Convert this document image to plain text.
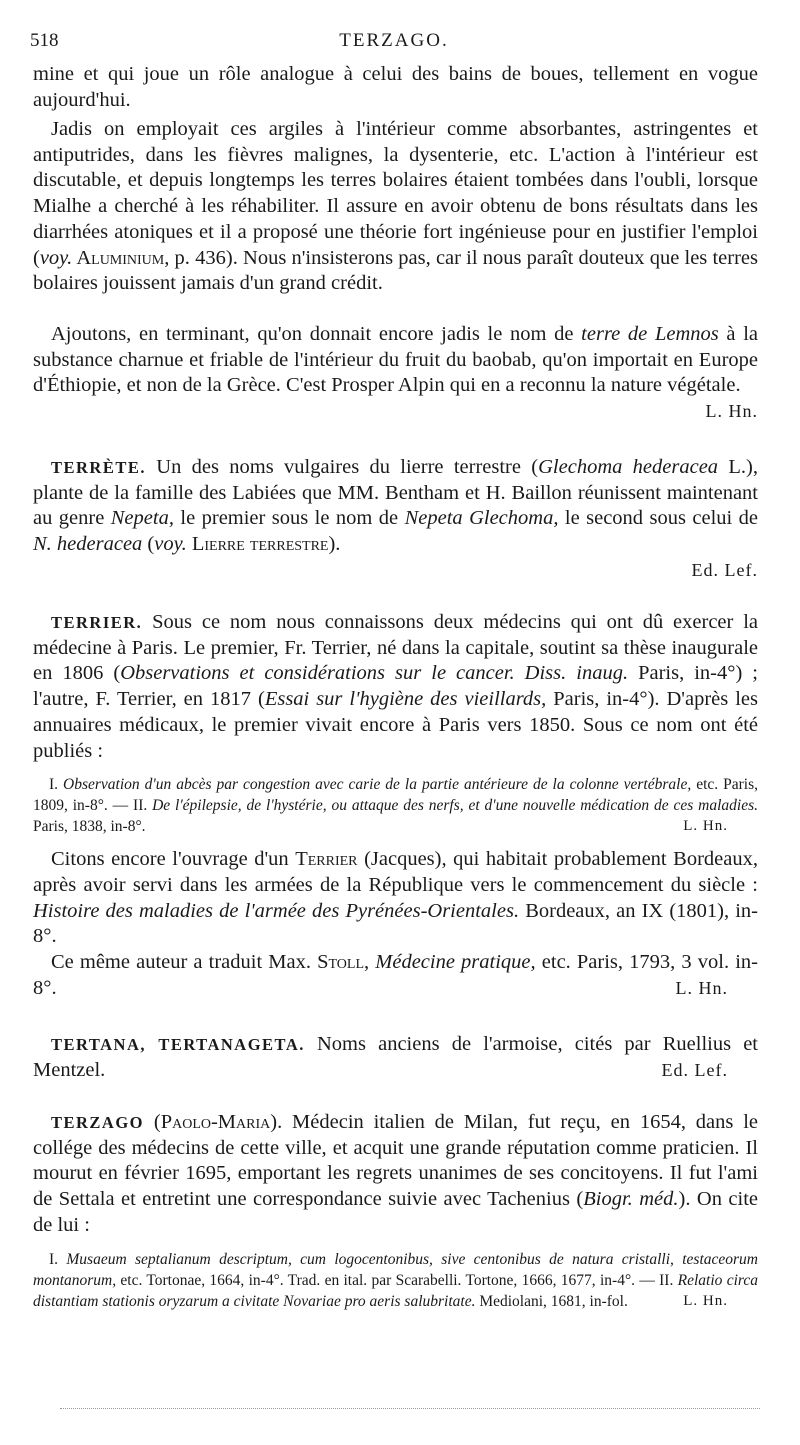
518	TERZAGO.

mine et qui joue un rôle analogue à celui des bains de boues, tellement en vogue aujourd'hui.

Jadis on employait ces argiles à l'intérieur comme absorbantes, astringentes et antiputrides, dans les fièvres malignes, la dysenterie, etc. L'action à l'intérieur est discutable, et depuis longtemps les terres bolaires étaient tombées dans l'oubli, lorsque Mialhe a cherché à les réhabiliter. Il assure en avoir obtenu de bons résultats dans les diarrhées atoniques et il a proposé une théorie fort ingénieuse pour en justifier l'emploi (voy. Aluminium, p. 436). Nous n'insisterons pas, car il nous paraît douteux que les terres bolaires jouissent jamais d'un grand crédit.

Ajoutons, en terminant, qu'on donnait encore jadis le nom de terre de Lemnos à la substance charnue et friable de l'intérieur du fruit du baobab, qu'on importait en Europe d'Éthiopie, et non de la Grèce. C'est Prosper Alpin qui en a reconnu la nature végétale.
L. Hn.

TERRÈTE. Un des noms vulgaires du lierre terrestre (Glechoma hederacea L.), plante de la famille des Labiées que MM. Bentham et H. Baillon réunissent maintenant au genre Nepeta, le premier sous le nom de Nepeta Glechoma, le second sous celui de N. hederacea (voy. Lierre terrestre).

Ed. Lef.

TERRIER. Sous ce nom nous connaissons deux médecins qui ont dû exercer la médecine à Paris. Le premier, Fr. Terrier, né dans la capitale, soutint sa thèse inaugurale en 1806 (Observations et considérations sur le cancer. Diss. inaug. Paris, in-4°) ; l'autre, F. Terrier, en 1817 (Essai sur l'hygiène des vieillards, Paris, in-4°). D'après les annuaires médicaux, le premier vivait encore à Paris vers 1850. Sous ce nom ont été publiés :

I. Observation d'un abcès par congestion avec carie de la partie antérieure de la colonne vertébrale, etc. Paris, 1809, in-8°. — II. De l'épilepsie, de l'hystérie, ou attaque des nerfs, et d'une nouvelle médication de ces maladies. Paris, 1838, in-8°.	L. Hn.

Citons encore l'ouvrage d'un Terrier (Jacques), qui habitait probablement Bordeaux, après avoir servi dans les armées de la République vers le commencement du siècle : Histoire des maladies de l'armée des Pyrénées-Orientales. Bordeaux, an IX (1801), in-8°.

Ce même auteur a traduit Max. Stoll, Médecine pratique, etc. Paris, 1793, 3 vol. in-8°.	L. Hn.

TERTANA, TERTANAGETA. Noms anciens de l'armoise, cités par Ruellius et Mentzel.	Ed. Lef.

TERZAGO (Paolo-Maria). Médecin italien de Milan, fut reçu, en 1654, dans le collége des médecins de cette ville, et acquit une grande réputation comme praticien. Il mourut en février 1695, emportant les regrets unanimes de ses concitoyens. Il fut l'ami de Settala et entretint une correspondance suivie avec Tachenius (Biogr. méd.). On cite de lui :

I. Musaeum septalianum descriptum, cum logocentonibus, sive centonibus de natura cristalli, testaceorum montanorum, etc. Tortonae, 1664, in-4°. Trad. en ital. par Scarabelli. Tortone, 1666, 1677, in-4°. — II. Relatio circa distantiam stationis oryzarum a civitate Novariae pro aeris salubritate. Mediolani, 1681, in-fol.	L. Hn.
